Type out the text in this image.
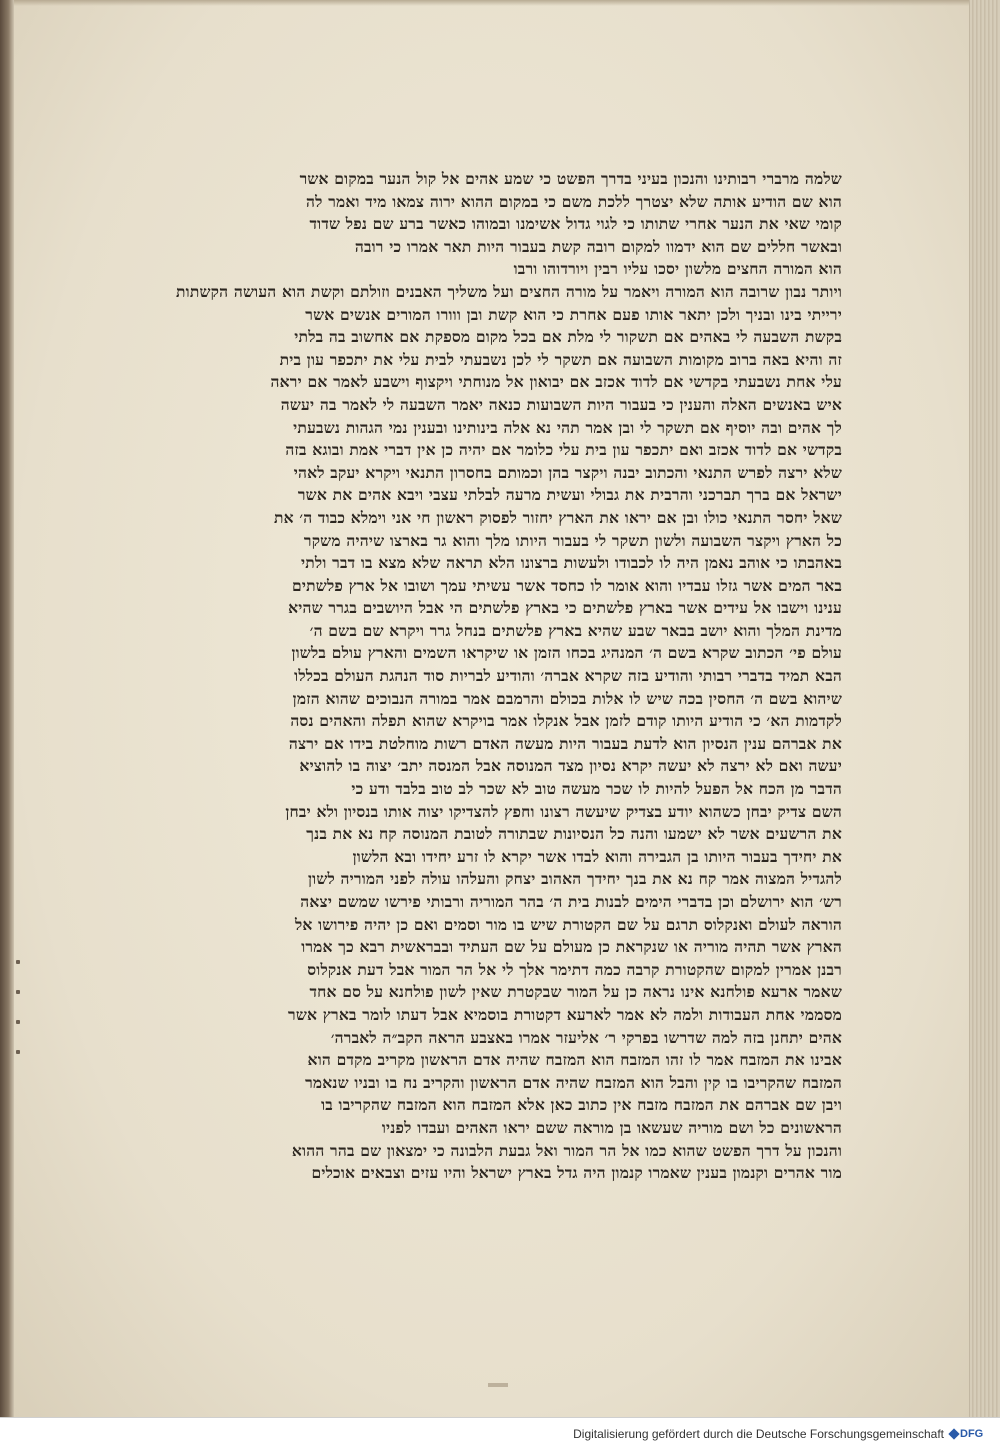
שלמה מרברי רבותינו והנכון בעיני בדרך הפשט כי שמע אהים אל קול הנער במקום אשר
הוא שם הודיע אותה שלא יצטרך ללכת משם כי במקום ההוא ירוה צמאו מיד ואמר לה
קומי שאי את הנער אחרי שתותו כי לגוי גדול אשימנו ובמוהו כאשר ברע שם נפל שדוד
ובאשר חללים שם הוא ידמוו למקום רובה קשת בעבור היות תאר אמרו כי רובה
הוא המורה החצים מלשון יסכו עליו רבין ויורדוהו ורבו
ויותר נבון שרובה הוא המורה ויאמר על מורה החצים ועל משליך האבנים וזולתם וקשת הוא העושה הקשתות
ירייתי בינו ובניך ולכן יתאר אותו פעם אחרת כי הוא קשת ובן ווורו המורים אנשים אשר
בקשת השבעה לי באהים אם תשקור לי מלת אם בכל מקום מספקת אם אחשוב בה בלתי
זה והיא באה ברוב מקומות השבועה אם תשקר לי לכן נשבעתי לבית עלי את יתכפר עון בית
עלי אחת נשבעתי בקדשי אם לדוד אכזב אם יבואון אל מנוחתי ויקצוף וישבע לאמר אם יראה
איש באנשים האלה והענין כי בעבור היות השבועות כנאה יאמר השבעה לי לאמר בה יעשה
לך אהים ובה יוסיף אם תשקר לי ובן אמר תהי נא אלה בינותינו ובענין נמי הגהות נשבעתי
בקדשי אם לדוד אכזב ואם יתכפר עון בית עלי כלומר אם יהיה כן אין דברי אמת ובוגא בזה
שלא ירצה לפרש התנאי והכתוב יבנה ויקצר בהן וכמותם בחסרון התנאי ויקרא יעקב לאהי
ישראל אם ברך תברכני והרבית את גבולי ועשית מרעה לבלתי עצבי ויבא אהים את אשר
שאל יחסר התנאי כולו ובן אם יראו את הארץ יחזור לפסוק ראשון חי אני וימלא כבוד ה׳ את
כל הארץ ויקצר השבועה ולשון תשקר לי בעבור היותו מלך והוא גר בארצו שיהיה משקר
באהבתו כי אוהב נאמן היה לו לכבודו ולעשות ברצונו הלא תראה שלא מצא בו דבר ולתי
באר המים אשר גזלו עבדיו והוא אומר לו כחסד אשר עשיתי עמך ושובו אל ארץ פלשתים
ענינו וישבו אל עידים אשר בארץ פלשתים כי בארץ פלשתים הי אבל היושבים בגרר שהיא
מדינת המלך והוא יושב בבאר שבע שהיא בארץ פלשתים בנחל גרר ויקרא שם בשם ה׳
עולם פי׳ הכתוב שקרא בשם ה׳ המנהיג בכחו הזמן או שיקראו השמים והארץ עולם בלשון
הבא תמיד בדברי רבותי והודיע בזה שקרא אברה׳ והודיע לבריות סוד הנהגת העולם בכללו
שיהוא בשם ה׳ החסין בכה שיש לו אלות בכולם והרמבם אמר במורה הנבוכים שהוא הזמן
לקדמות הא׳ כי הודיע היותו קודם לזמן אבל אנקלו אמר בויקרא שהוא תפלה והאהים נסה
את אברהם ענין הנסיון הוא לדעת בעבור היות מעשה האדם רשות מוחלטת בידו אם ירצה
יעשה ואם לא ירצה לא יעשה יקרא נסיון מצד המנוסה אבל המנסה יתב׳ יצוה בו להוציא
הדבר מן הכח אל הפעל להיות לו שכר מעשה טוב לא שכר לב טוב בלבד ודע כי
השם צדיק יבחן כשהוא יודע בצדיק שיעשה רצונו וחפץ להצדיקו יצוה אותו בנסיון ולא יבחן
את הרשעים אשר לא ישמעו והנה כל הנסיונות שבתורה לטובת המנוסה קח נא את בנך
את יחידך בעבור היותו בן הגבירה והוא לבדו אשר יקרא לו זרע יחידו ובא הלשון
להגדיל המצוה אמר קח נא את בנך יחידך האהוב יצחק והעלהו עולה לפני המוריה לשון
רש׳ הוא ירושלם וכן בדברי הימים לבנות בית ה׳ בהר המוריה ורבותי פירשו שמשם יצאה
הוראה לעולם ואנקלוס תרגם על שם הקטורת שיש בו מור וסמים ואם כן יהיה פירושו אל
הארץ אשר תהיה מוריה או שנקראת כן מעולם על שם העתיד ובבראשית רבא כך אמרו
רבנן אמרין למקום שהקטורת קרבה כמה דתימר אלך לי אל הר המור אבל דעת אנקלוס
שאמר ארעא פולחנא אינו נראה כן על המור שבקטרת שאין לשון פולחנא על סם אחד
מסממי אחת העבודות ולמה לא אמר לארעא דקטורת בוסמיא אבל דעתו לומר בארץ אשר
אהים יתחנן בזה למה שדרשו בפרקי ר׳ אליעזר אמרו באצבע הראה הקב״ה לאברה׳
אבינו את המזבח אמר לו זהו המזבח הוא המזבח שהיה אדם הראשון מקריב מקדם הוא
המזבח שהקריבו בו קין והבל הוא המזבח שהיה אדם הראשון והקריב נח בו ובניו שנאמר
ויבן שם אברהם את המזבח מזבח אין כתוב כאן אלא המזבח הוא המזבח שהקריבו בו
הראשונים כל ושם מוריה שעשאו בן מוראה ששם יראו האהים ועבדו לפניו
והנכון על דרך הפשט שהוא כמו אל הר המור ואל גבעת הלבונה כי ימצאון שם בהר ההוא
מור אהרים וקנמון בענין שאמרו קנמון היה גדל בארץ ישראל והיו עזים וצבאים אוכלים
Digitalisierung gefördert durch die Deutsche Forschungsgemeinschaft DFG
